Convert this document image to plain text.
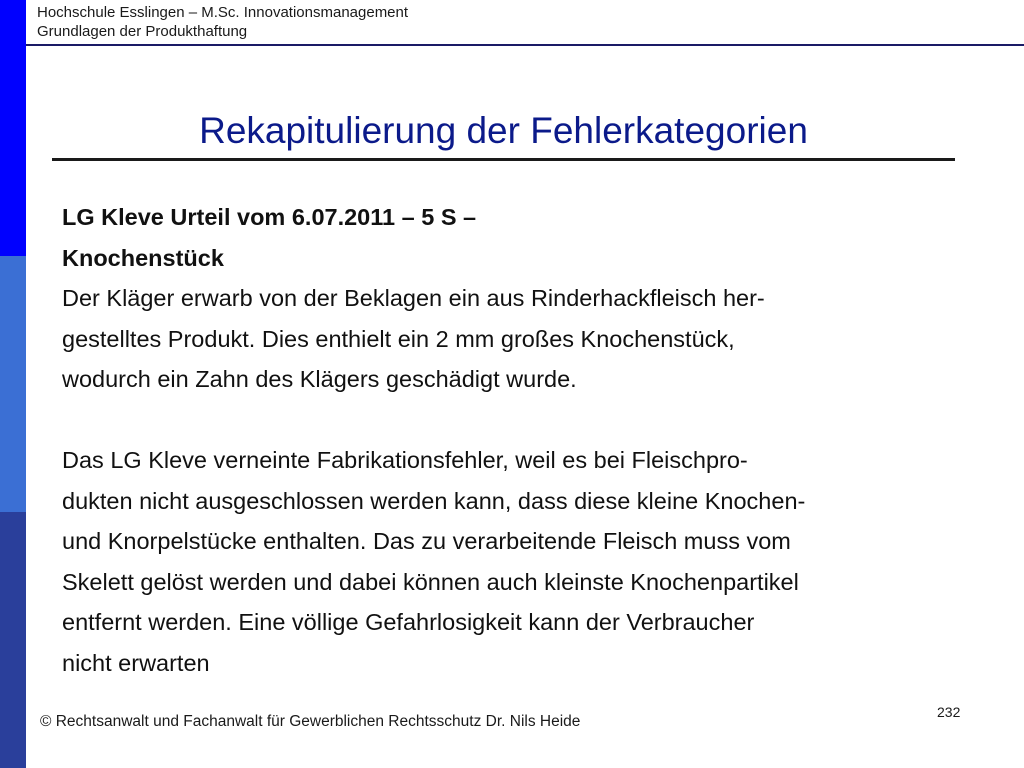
Hochschule Esslingen – M.Sc. Innovationsmanagement
Grundlagen der Produkthaftung
Rekapitulierung der Fehlerkategorien
LG Kleve Urteil vom 6.07.2011 – 5 S –
Knochenstück
Der Kläger erwarb von der Beklagen ein aus Rinderhackfleisch her-
gestelltes Produkt. Dies enthielt ein 2 mm großes Knochenstück,
wodurch ein Zahn des Klägers geschädigt wurde.
Das LG Kleve verneinte Fabrikationsfehler, weil es bei Fleischpro-
dukten nicht ausgeschlossen werden kann, dass diese kleine Knochen-
und Knorpelstücke enthalten. Das zu verarbeitende Fleisch muss vom
Skelett gelöst werden und dabei können auch kleinste Knochenpartikel
entfernt werden. Eine völlige Gefahrlosigkeit kann der Verbraucher
nicht erwarten
232
© Rechtsanwalt und Fachanwalt für Gewerblichen Rechtsschutz Dr. Nils Heide
